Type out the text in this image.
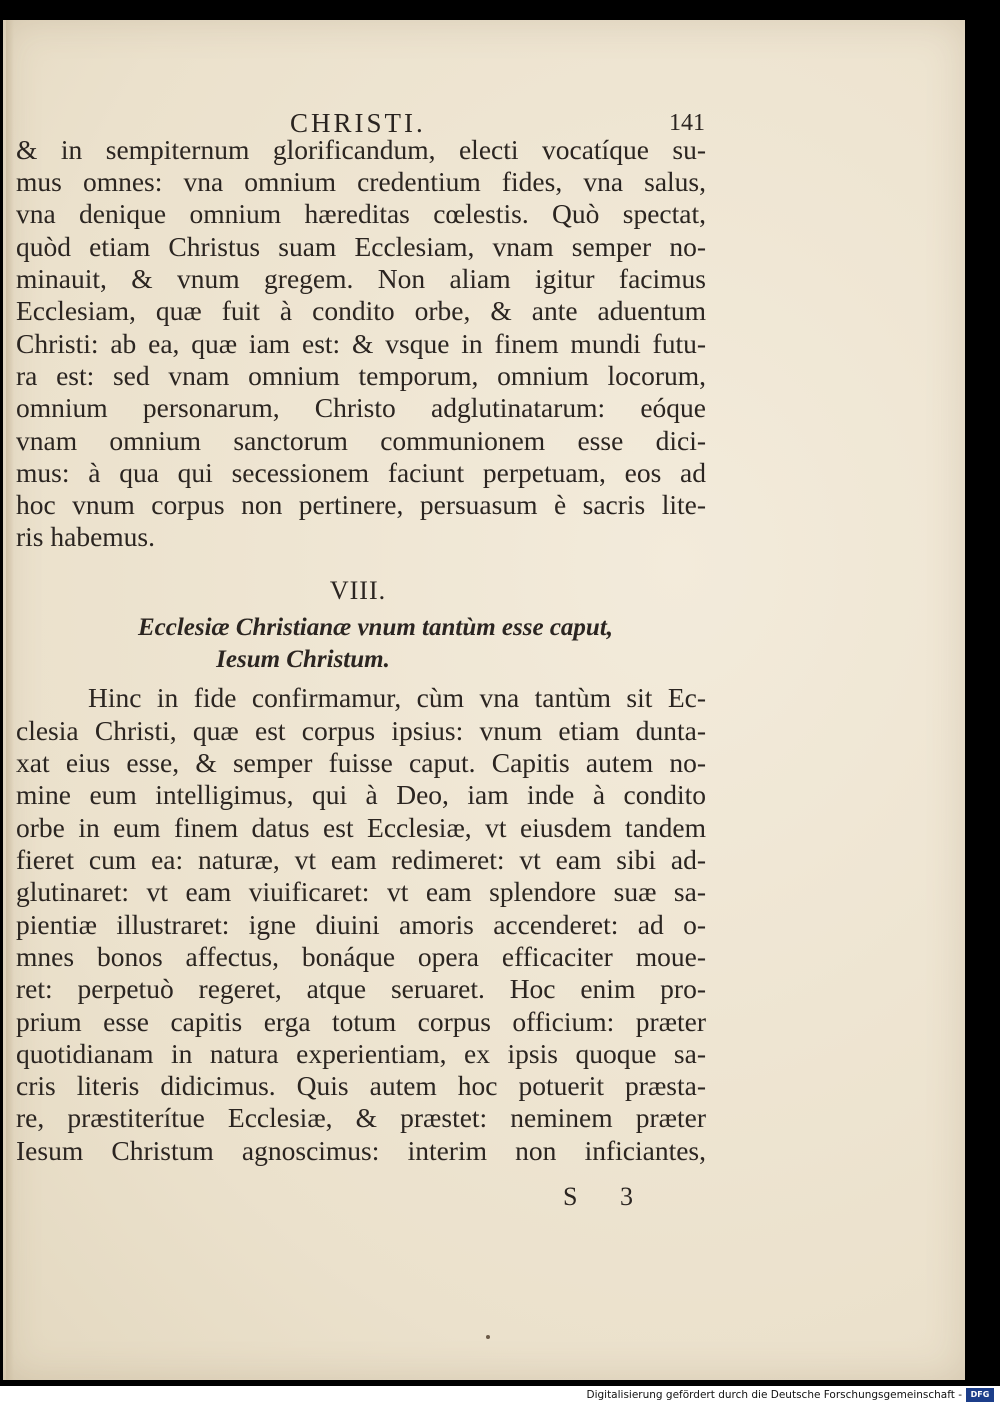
CHRISTI.	141
& in sempiternum glorificandum, electi vocatíque su-
mus omnes: vna omnium credentium fides, vna salus,
vna denique omnium hæreditas cœlestis. Quò spectat,
quòd etiam Christus suam Ecclesiam, vnam semper no-
minauit, & vnum gregem. Non aliam igitur facimus
Ecclesiam, quæ fuit à condito orbe, & ante aduentum
Christi: ab ea, quæ iam est: & vsque in finem mundi futu-
ra est: sed vnam omnium temporum, omnium locorum,
omnium personarum, Christo adglutinatarum: eóque
vnam omnium sanctorum communionem esse dici-
mus: à qua qui secessionem faciunt perpetuam, eos ad
hoc vnum corpus non pertinere, persuasum è sacris lite-
ris habemus.
VIII.
Ecclesiæ Christianæ vnum tantùm esse caput,
Iesum Christum.
Hinc in fide confirmamur, cùm vna tantùm sit Ec-
clesia Christi, quæ est corpus ipsius: vnum etiam dunta-
xat eius esse, & semper fuisse caput. Capitis autem no-
mine eum intelligimus, qui à Deo, iam inde à condito
orbe in eum finem datus est Ecclesiæ, vt eiusdem tandem
fieret cum ea: naturæ, vt eam redimeret: vt eam sibi ad-
glutinaret: vt eam viuificaret: vt eam splendore suæ sa-
pientiæ illustraret: igne diuini amoris accenderet: ad o-
mnes bonos affectus, bonáque opera efficaciter moue-
ret: perpetuò regeret, atque seruaret. Hoc enim pro-
prium esse capitis erga totum corpus officium: præter
quotidianam in natura experientiam, ex ipsis quoque sa-
cris literis didicimus. Quis autem hoc potuerit præsta-
re, præstiterítue Ecclesiæ, & præstet: neminem præter
Iesum Christum agnoscimus: interim non inficiantes,
S 3
Digitalisierung gefördert durch die Deutsche Forschungsgemeinschaft -	DFG
